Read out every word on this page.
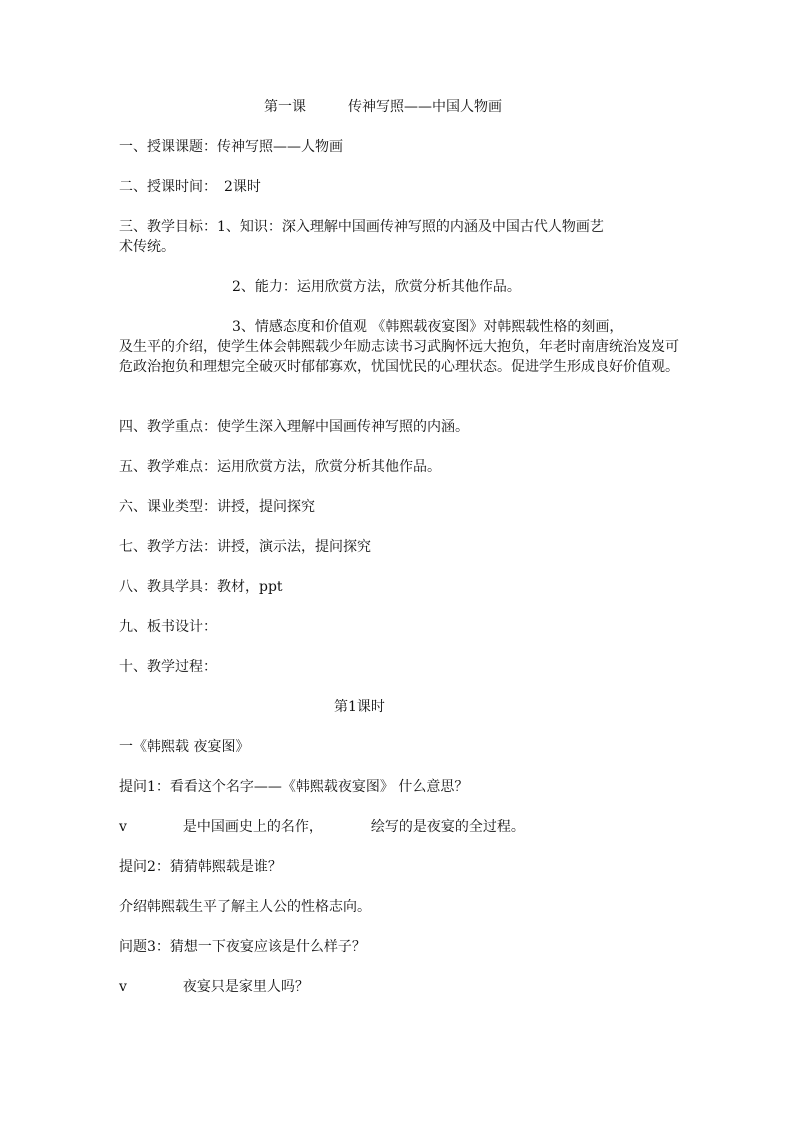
第一课	传神写照——中国人物画
一、授课课题：传神写照——人物画
二、授课时间：　2课时
三、教学目标：1、知识：深入理解中国画传神写照的内涵及中国古代人物画艺
术传统。
2、能力：运用欣赏方法，欣赏分析其他作品。
3、情感态度和价值观 《韩熙载夜宴图》对韩熙载性格的刻画，
及生平的介绍，使学生体会韩熙载少年励志读书习武胸怀远大抱负，年老时南唐统治岌岌可危政治抱负和理想完全破灭时郁郁寡欢，忧国忧民的心理状态。促进学生形成良好价值观。
四、教学重点：使学生深入理解中国画传神写照的内涵。
五、教学难点：运用欣赏方法，欣赏分析其他作品。
六、课业类型：讲授，提问探究
七、教学方法：讲授，演示法，提问探究
八、教具学具：教材，ppt
九、板书设计：
十、教学过程：
第1课时
一《韩熙载 夜宴图》
提问1：看看这个名字——《韩熙载夜宴图》 什么意思？
v	是中国画史上的名作，	绘写的是夜宴的全过程。
提问2：猜猜韩熙载是谁？
介绍韩熙载生平了解主人公的性格志向。
问题3：猜想一下夜宴应该是什么样子？
v	夜宴只是家里人吗？
